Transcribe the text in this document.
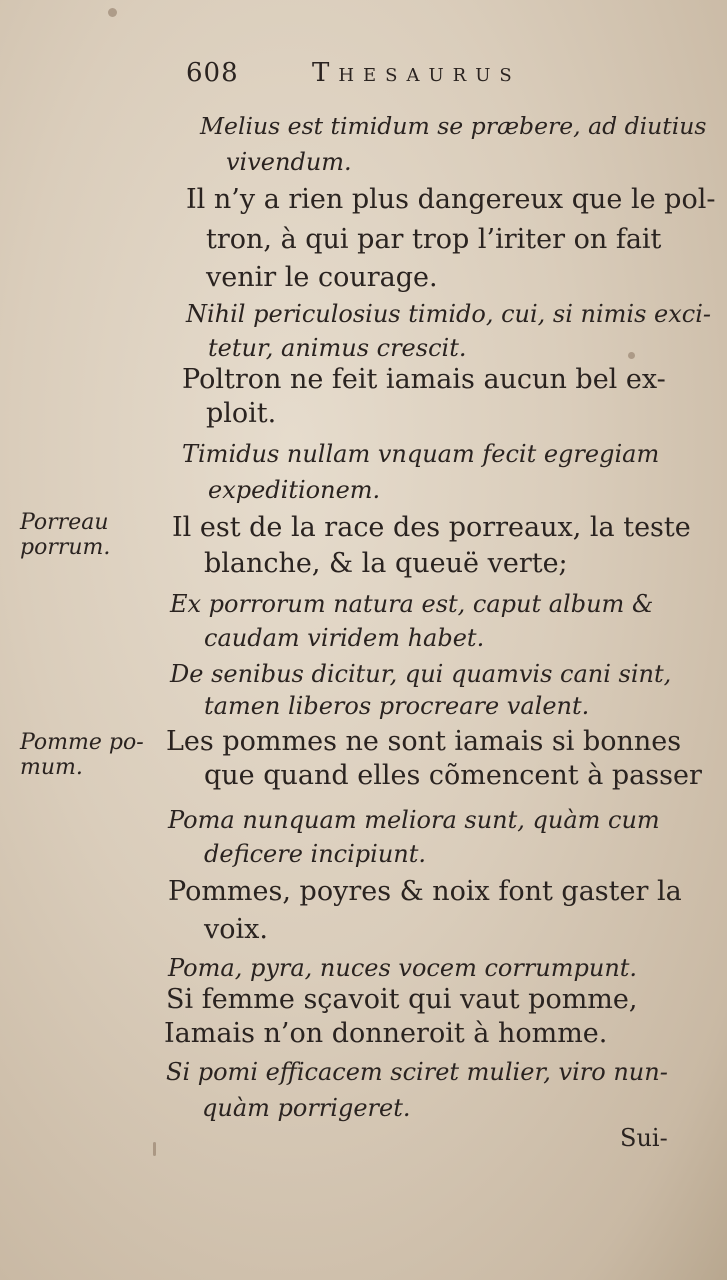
608	Thesaurus
Melius est timidum se præbere, ad diutius
vivendum.
Il n’y a rien plus dangereux que le pol-
tron, à qui par trop l’iriter on fait
venir le courage.
Nihil periculosius timido, cui, si nimis exci-
tetur, animus crescit.
Poltron ne feit iamais aucun bel ex-
ploit.
Timidus nullam vnquam fecit egregiam
expeditionem.
Porreau
porrum.
Il est de la race des porreaux, la teste
blanche, & la queuë verte;
Ex porrorum natura est, caput album &
caudam viridem habet.
De senibus dicitur, qui quamvis cani sint,
tamen liberos procreare valent.
Pomme po-
mum.
Les pommes ne sont iamais si bonnes
que quand elles cõmencent à passer
Poma nunquam meliora sunt, quàm cum
deficere incipiunt.
Pommes, poyres & noix font gaster la
voix.
Poma, pyra, nuces vocem corrumpunt.
Si femme sçavoit qui vaut pomme,
Iamais n’on donneroit à homme.
Si pomi efficacem sciret mulier, viro nun-
quàm porrigeret.
Sui-
